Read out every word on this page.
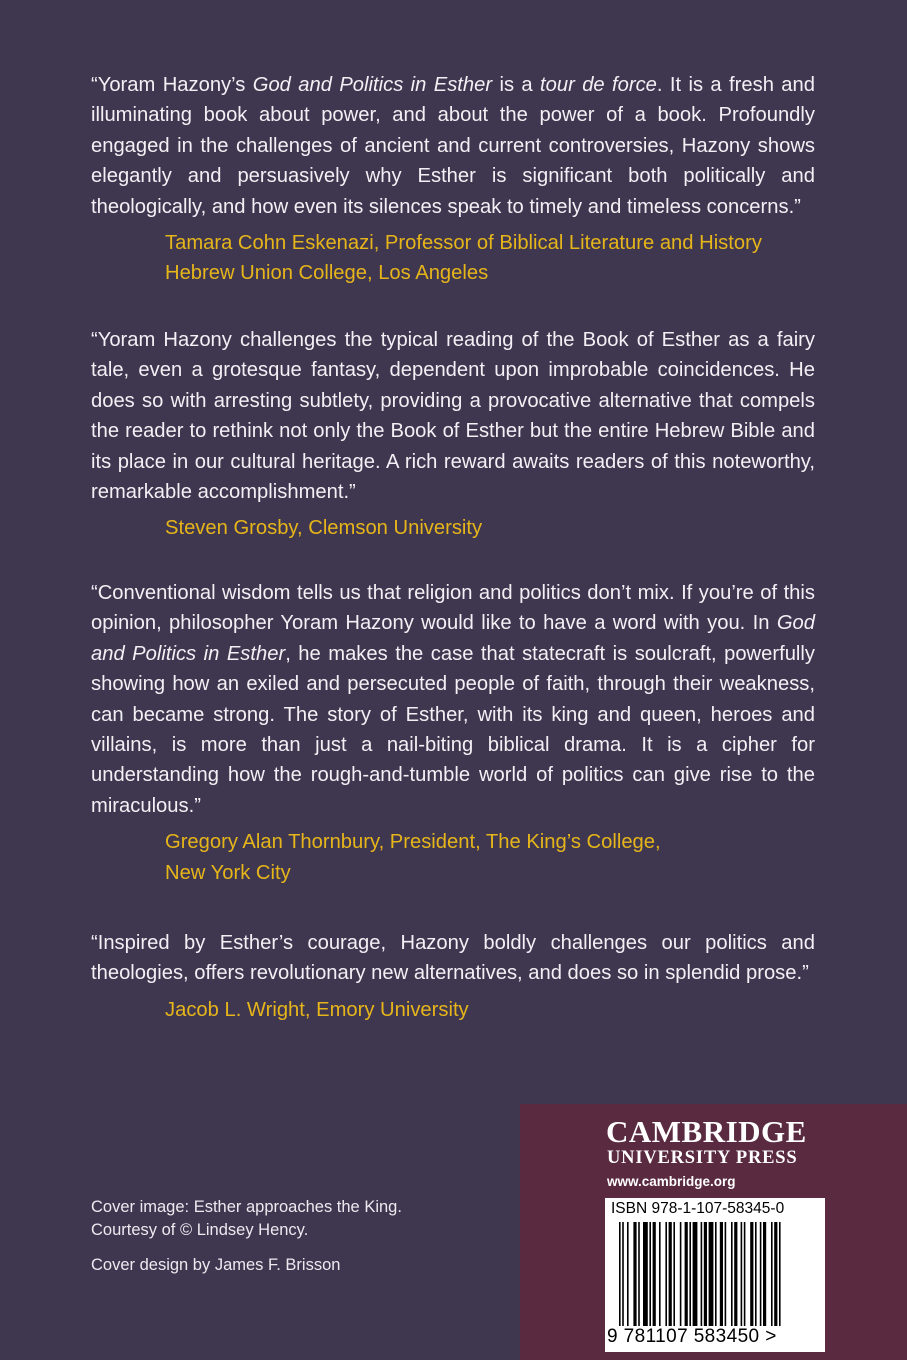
“Yoram Hazony’s God and Politics in Esther is a tour de force. It is a fresh and illuminating book about power, and about the power of a book. Profoundly engaged in the challenges of ancient and current controversies, Hazony shows elegantly and persuasively why Esther is significant both politically and theologically, and how even its silences speak to timely and timeless concerns.”

Tamara Cohn Eskenazi, Professor of Biblical Literature and History
Hebrew Union College, Los Angeles

“Yoram Hazony challenges the typical reading of the Book of Esther as a fairy tale, even a grotesque fantasy, dependent upon improbable coincidences. He does so with arresting subtlety, providing a provocative alternative that compels the reader to rethink not only the Book of Esther but the entire Hebrew Bible and its place in our cultural heritage. A rich reward awaits readers of this noteworthy, remarkable accomplishment.”

Steven Grosby, Clemson University

“Conventional wisdom tells us that religion and politics don’t mix. If you’re of this opinion, philosopher Yoram Hazony would like to have a word with you. In God and Politics in Esther, he makes the case that statecraft is soulcraft, powerfully showing how an exiled and persecuted people of faith, through their weakness, can became strong. The story of Esther, with its king and queen, heroes and villains, is more than just a nail-biting biblical drama. It is a cipher for understanding how the rough-and-tumble world of politics can give rise to the miraculous.”

Gregory Alan Thornbury, President, The King’s College,
New York City

“Inspired by Esther’s courage, Hazony boldly challenges our politics and theologies, offers revolutionary new alternatives, and does so in splendid prose.”

Jacob L. Wright, Emory University

Cover image: Esther approaches the King.

Courtesy of © Lindsey Hency.

Cover design by James F. Brisson

CAMBRIDGE
UNIVERSITY PRESS
www.cambridge.org
ISBN 978-1-107-58345-0
9 781107 583450 >
